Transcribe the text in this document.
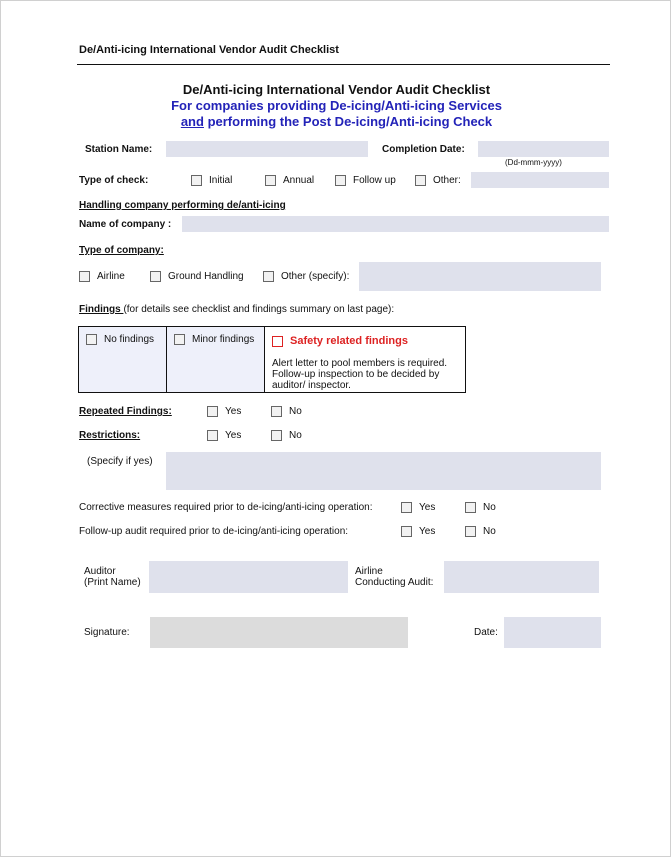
De/Anti-icing International Vendor Audit Checklist
De/Anti-icing International Vendor Audit Checklist
For companies providing De-icing/Anti-icing Services
and performing the Post De-icing/Anti-icing Check
Station Name:	Completion Date:
(Dd-mmm-yyyy)
Type of check:	Initial	Annual	Follow up	Other:
Handling company performing de/anti-icing
Name of company :
Type of company:
Airline	Ground Handling	Other (specify):
Findings (for details see checklist and findings summary on last page):
No findings	Minor findings	Safety related findings
Alert letter to pool members is required. Follow-up inspection to be decided by auditor/ inspector.
Repeated Findings:	Yes	No
Restrictions:	Yes	No
(Specify if yes)
Corrective measures required prior to de-icing/anti-icing operation:	Yes	No
Follow-up audit required prior to de-icing/anti-icing operation:	Yes	No
Auditor
(Print Name)
Airline
Conducting Audit:
Signature:	Date:
